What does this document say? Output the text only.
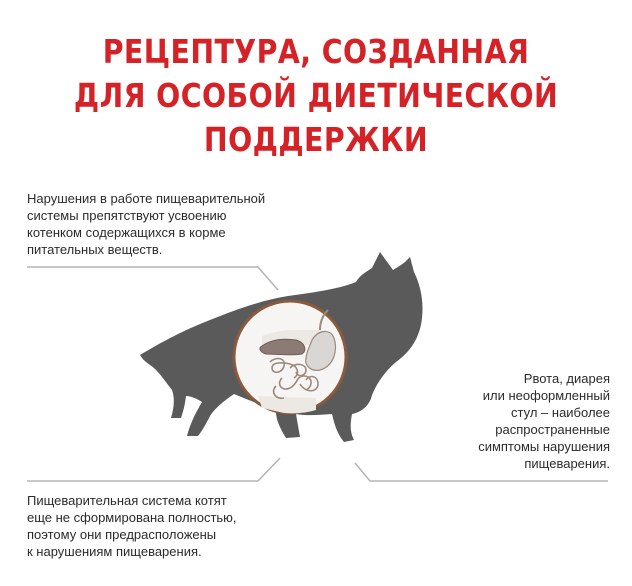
РЕЦЕПТУРА, СОЗДАННАЯ
ДЛЯ ОСОБОЙ ДИЕТИЧЕСКОЙ
ПОДДЕРЖКИ
Нарушения в работе пищеварительной
системы препятствуют усвоению
котенком содержащихся в корме
питательных веществ.
Рвота, диарея
или неоформленный
стул – наиболее
распространенные
симптомы нарушения
пищеварения.
Пищеварительная система котят
еще не сформирована полностью,
поэтому они предрасположены
к нарушениям пищеварения.
